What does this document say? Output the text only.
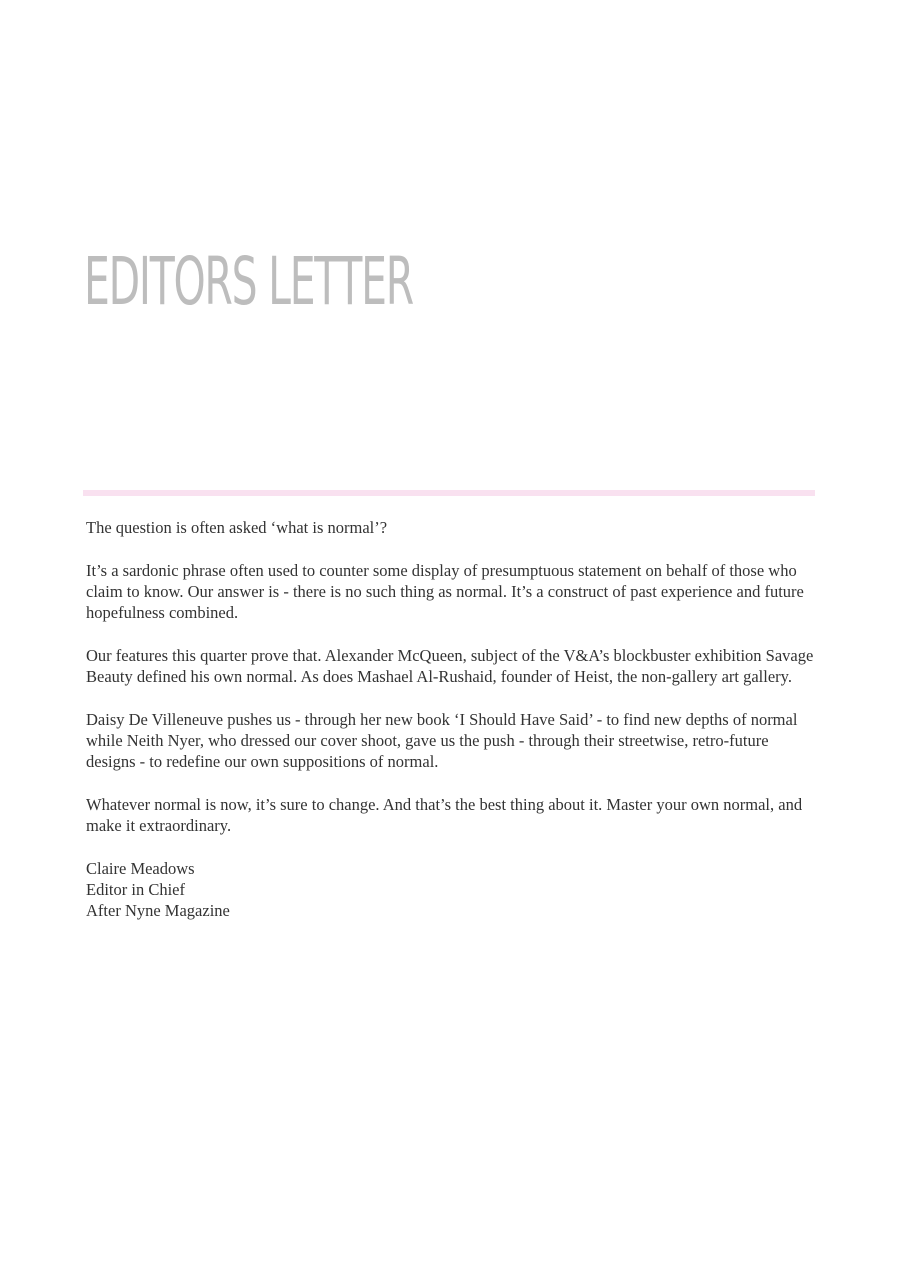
EDITORS LETTER

The question is often asked ‘what is normal’?

It’s a sardonic phrase often used to counter some display of presumptuous statement on behalf of those who claim to know. Our answer is - there is no such thing as normal. It’s a construct of past experience and future hopefulness combined.

Our features this quarter prove that. Alexander McQueen, subject of the V&A’s blockbuster exhibition Savage Beauty defined his own normal. As does Mashael Al-Rushaid, founder of Heist, the non-gallery art gallery.

Daisy De Villeneuve pushes us - through her new book ‘I Should Have Said’ - to find new depths of normal while Neith Nyer, who dressed our cover shoot, gave us the push - through their streetwise, retro-future designs - to redefine our own suppositions of normal.

Whatever normal is now, it’s sure to change. And that’s the best thing about it. Master your own normal, and make it extraordinary.

Claire Meadows
Editor in Chief
After Nyne Magazine
